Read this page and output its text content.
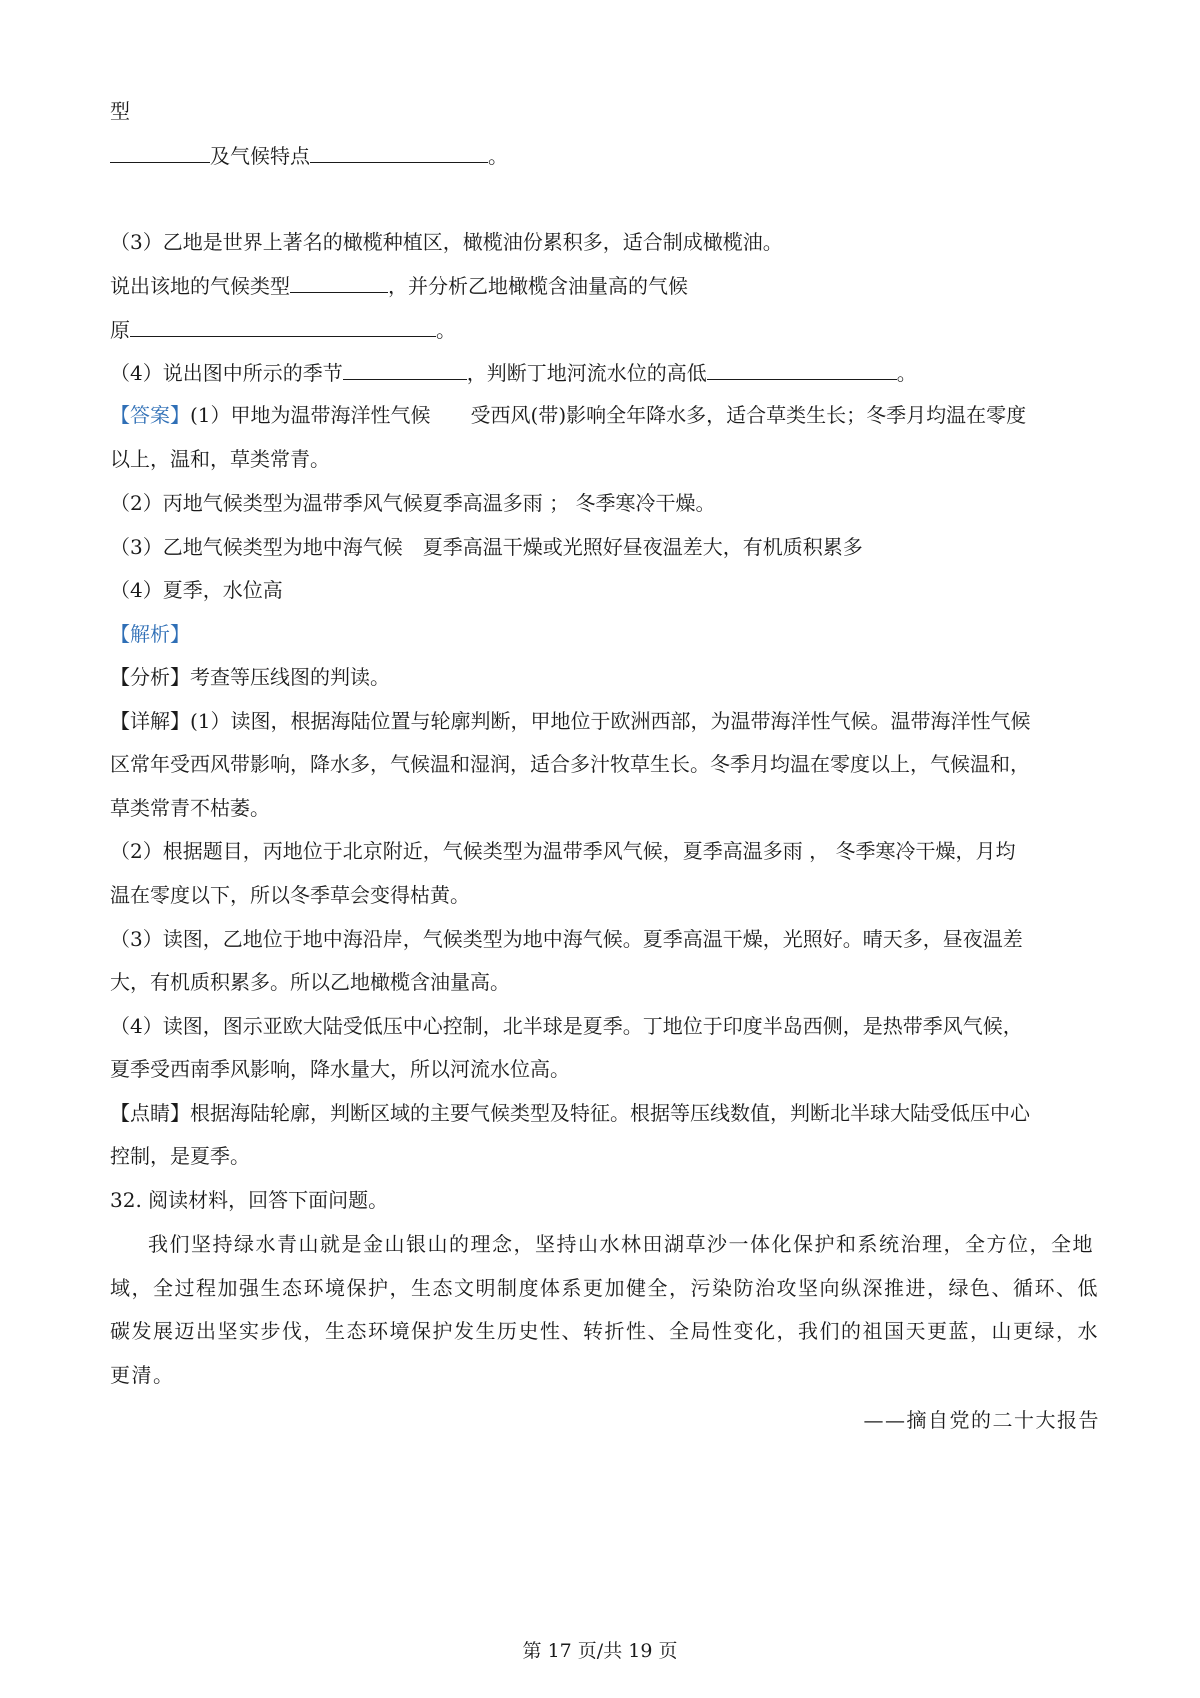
型
及气候特点	。
（3）乙地是世界上著名的橄榄种植区，橄榄油份累积多，适合制成橄榄油。
说出该地的气候类型	，并分析乙地橄榄含油量高的气候
原	。
（4）说出图中所示的季节	，判断丁地河流水位的高低	。
【答案】(1）甲地为温带海洋性气候　　受西风(带)影响全年降水多，适合草类生长；冬季月均温在零度
以上，温和，草类常青。
（2）丙地气候类型为温带季风气候夏季高温多雨 ； 冬季寒冷干燥。
（3）乙地气候类型为地中海气候　夏季高温干燥或光照好昼夜温差大，有机质积累多
（4）夏季，水位高
【解析】
【分析】考查等压线图的判读。
【详解】(1）读图，根据海陆位置与轮廓判断，甲地位于欧洲西部，为温带海洋性气候。温带海洋性气候
区常年受西风带影响，降水多，气候温和湿润，适合多汁牧草生长。冬季月均温在零度以上，气候温和，
草类常青不枯萎。
（2）根据题目，丙地位于北京附近，气候类型为温带季风气候，夏季高温多雨 ， 冬季寒冷干燥，月均
温在零度以下，所以冬季草会变得枯黄。
（3）读图，乙地位于地中海沿岸，气候类型为地中海气候。夏季高温干燥，光照好。晴天多，昼夜温差
大，有机质积累多。所以乙地橄榄含油量高。
（4）读图，图示亚欧大陆受低压中心控制，北半球是夏季。丁地位于印度半岛西侧，是热带季风气候，
夏季受西南季风影响，降水量大，所以河流水位高。
【点睛】根据海陆轮廓，判断区域的主要气候类型及特征。根据等压线数值，判断北半球大陆受低压中心
控制，是夏季。
32. 阅读材料，回答下面问题。
我们坚持绿水青山就是金山银山的理念，坚持山水林田湖草沙一体化保护和系统治理，全方位，全地
域，全过程加强生态环境保护，生态文明制度体系更加健全，污染防治攻坚向纵深推进，绿色、循环、低
碳发展迈出坚实步伐，生态环境保护发生历史性、转折性、全局性变化，我们的祖国天更蓝，山更绿，水
更清。
——摘自党的二十大报告
第 17 页/共 19 页
